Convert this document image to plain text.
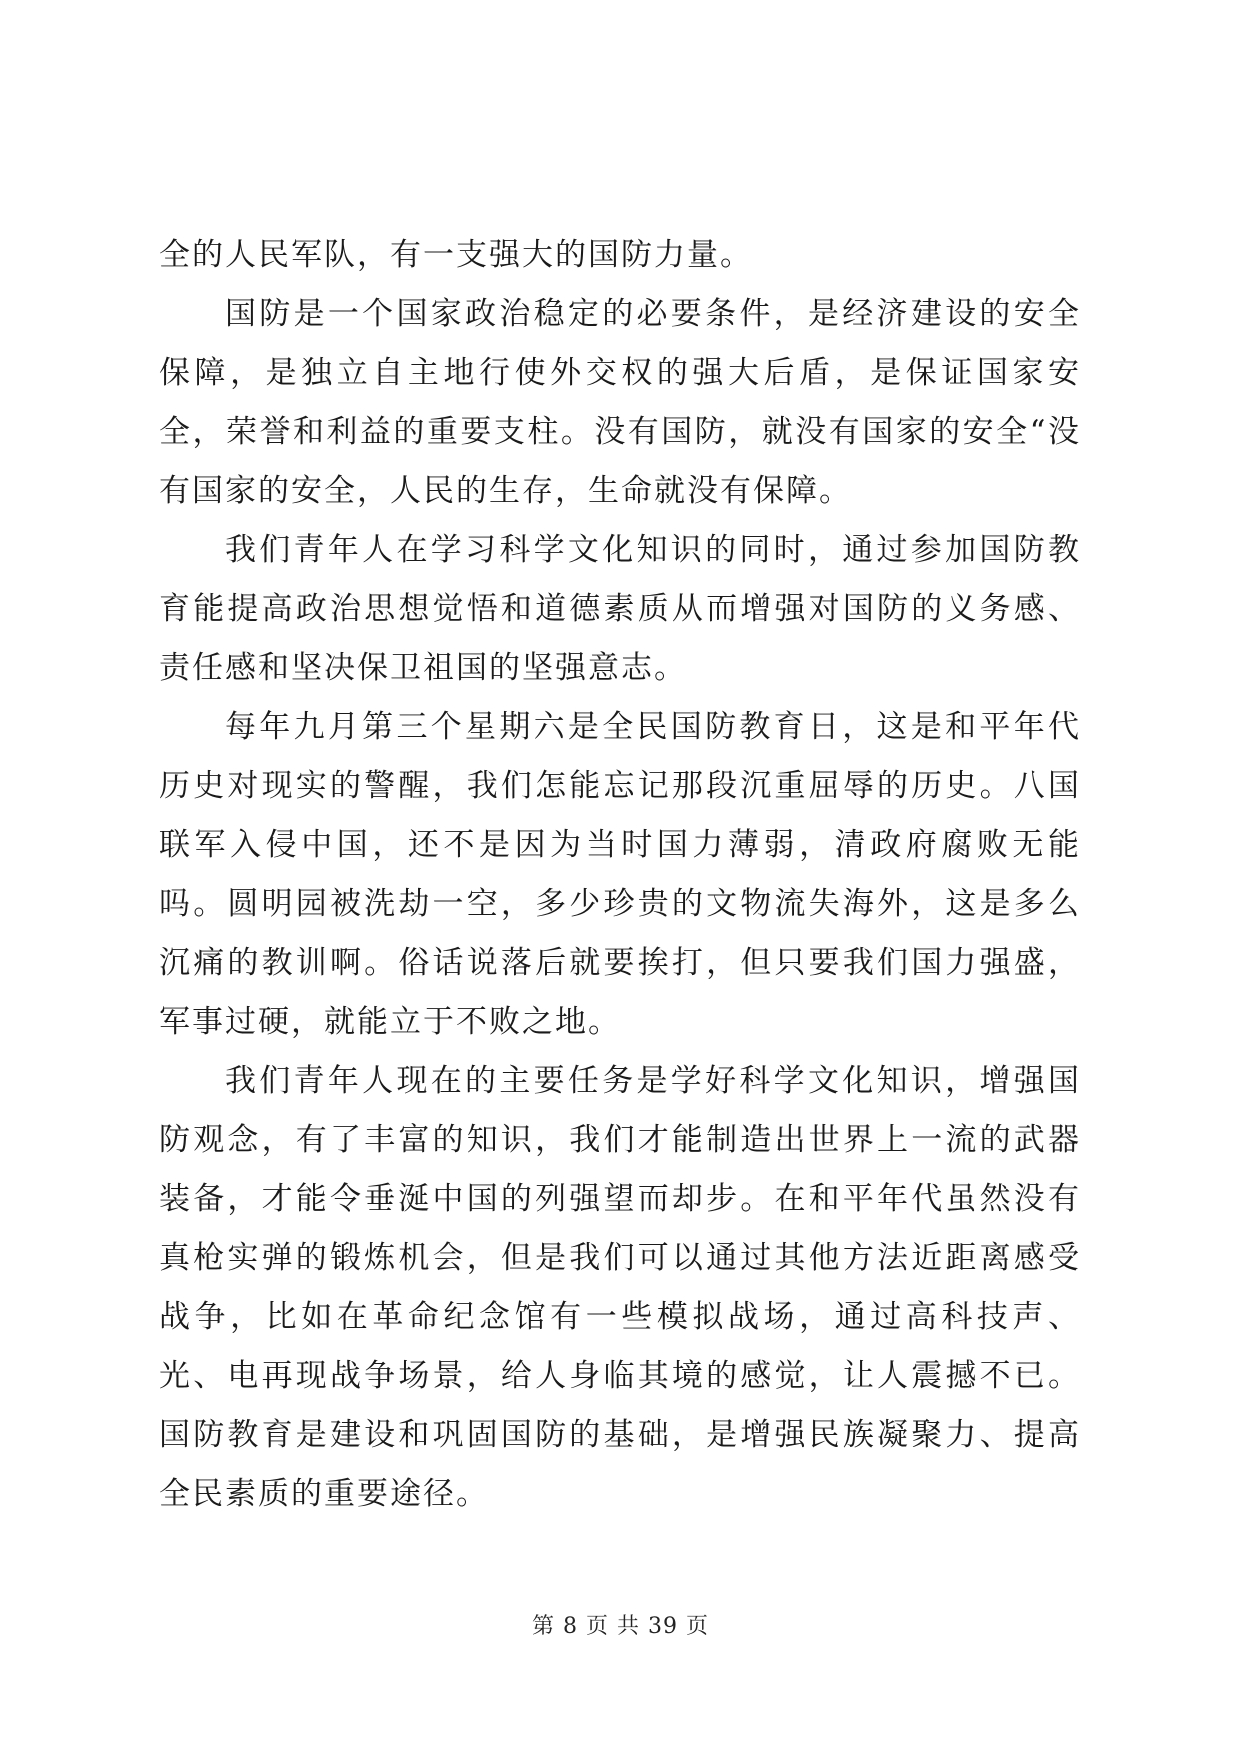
全的人民军队，有一支强大的国防力量。

国防是一个国家政治稳定的必要条件，是经济建设的安全保障，是独立自主地行使外交权的强大后盾，是保证国家安全，荣誉和利益的重要支柱。没有国防，就没有国家的安全“没有国家的安全，人民的生存，生命就没有保障。

我们青年人在学习科学文化知识的同时，通过参加国防教育能提高政治思想觉悟和道德素质从而增强对国防的义务感、责任感和坚决保卫祖国的坚强意志。

每年九月第三个星期六是全民国防教育日，这是和平年代历史对现实的警醒，我们怎能忘记那段沉重屈辱的历史。八国联军入侵中国，还不是因为当时国力薄弱，清政府腐败无能吗。圆明园被洗劫一空，多少珍贵的文物流失海外，这是多么沉痛的教训啊。俗话说落后就要挨打，但只要我们国力强盛，军事过硬，就能立于不败之地。

我们青年人现在的主要任务是学好科学文化知识，增强国防观念，有了丰富的知识，我们才能制造出世界上一流的武器装备，才能令垂涎中国的列强望而却步。在和平年代虽然没有真枪实弹的锻炼机会，但是我们可以通过其他方法近距离感受战争，比如在革命纪念馆有一些模拟战场，通过高科技声、光、电再现战争场景，给人身临其境的感觉，让人震撼不已。国防教育是建设和巩固国防的基础，是增强民族凝聚力、提高全民素质的重要途径。

第 8 页 共 39 页
